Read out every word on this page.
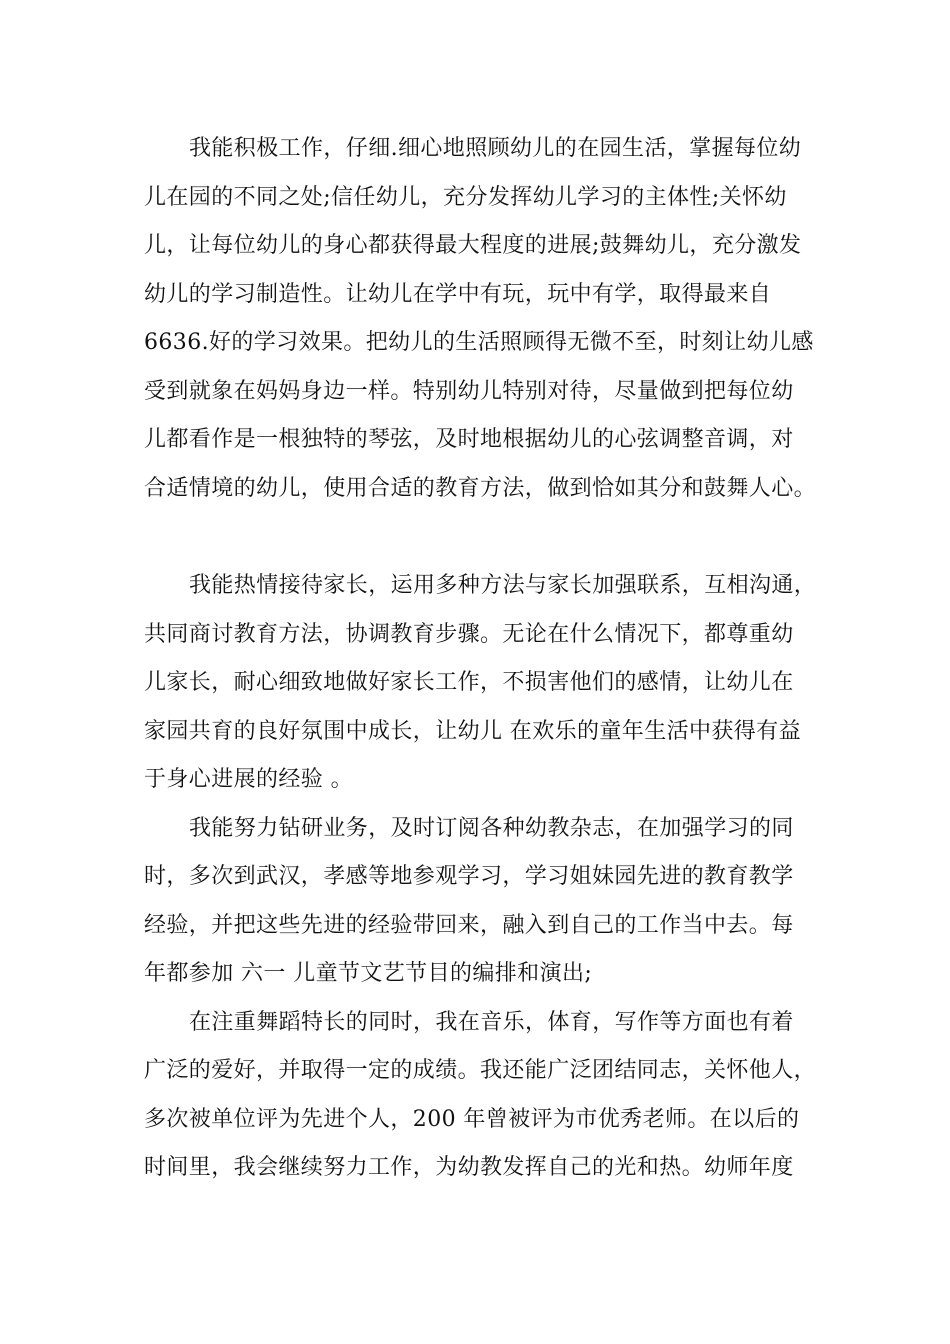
我能积极工作，仔细.细心地照顾幼儿的在园生活，掌握每位幼
儿在园的不同之处;信任幼儿，充分发挥幼儿学习的主体性;关怀幼
儿，让每位幼儿的身心都获得最大程度的进展;鼓舞幼儿，充分激发
幼儿的学习制造性。让幼儿在学中有玩，玩中有学，取得最来自
6636.好的学习效果。把幼儿的生活照顾得无微不至，时刻让幼儿感
受到就象在妈妈身边一样。特别幼儿特别对待，尽量做到把每位幼
儿都看作是一根独特的琴弦，及时地根据幼儿的心弦调整音调，对
合适情境的幼儿，使用合适的教育方法，做到恰如其分和鼓舞人心。
我能热情接待家长，运用多种方法与家长加强联系，互相沟通，
共同商讨教育方法，协调教育步骤。无论在什么情况下，都尊重幼
儿家长，耐心细致地做好家长工作，不损害他们的感情，让幼儿在
家园共育的良好氛围中成长，让幼儿 在欢乐的童年生活中获得有益
于身心进展的经验 。
我能努力钻研业务，及时订阅各种幼教杂志，在加强学习的同
时，多次到武汉，孝感等地参观学习，学习姐妹园先进的教育教学
经验，并把这些先进的经验带回来，融入到自己的工作当中去。每
年都参加 六一 儿童节文艺节目的编排和演出;
在注重舞蹈特长的同时，我在音乐，体育，写作等方面也有着
广泛的爱好，并取得一定的成绩。我还能广泛团结同志，关怀他人，
多次被单位评为先进个人，200 年曾被评为市优秀老师。在以后的
时间里，我会继续努力工作，为幼教发挥自己的光和热。幼师年度
